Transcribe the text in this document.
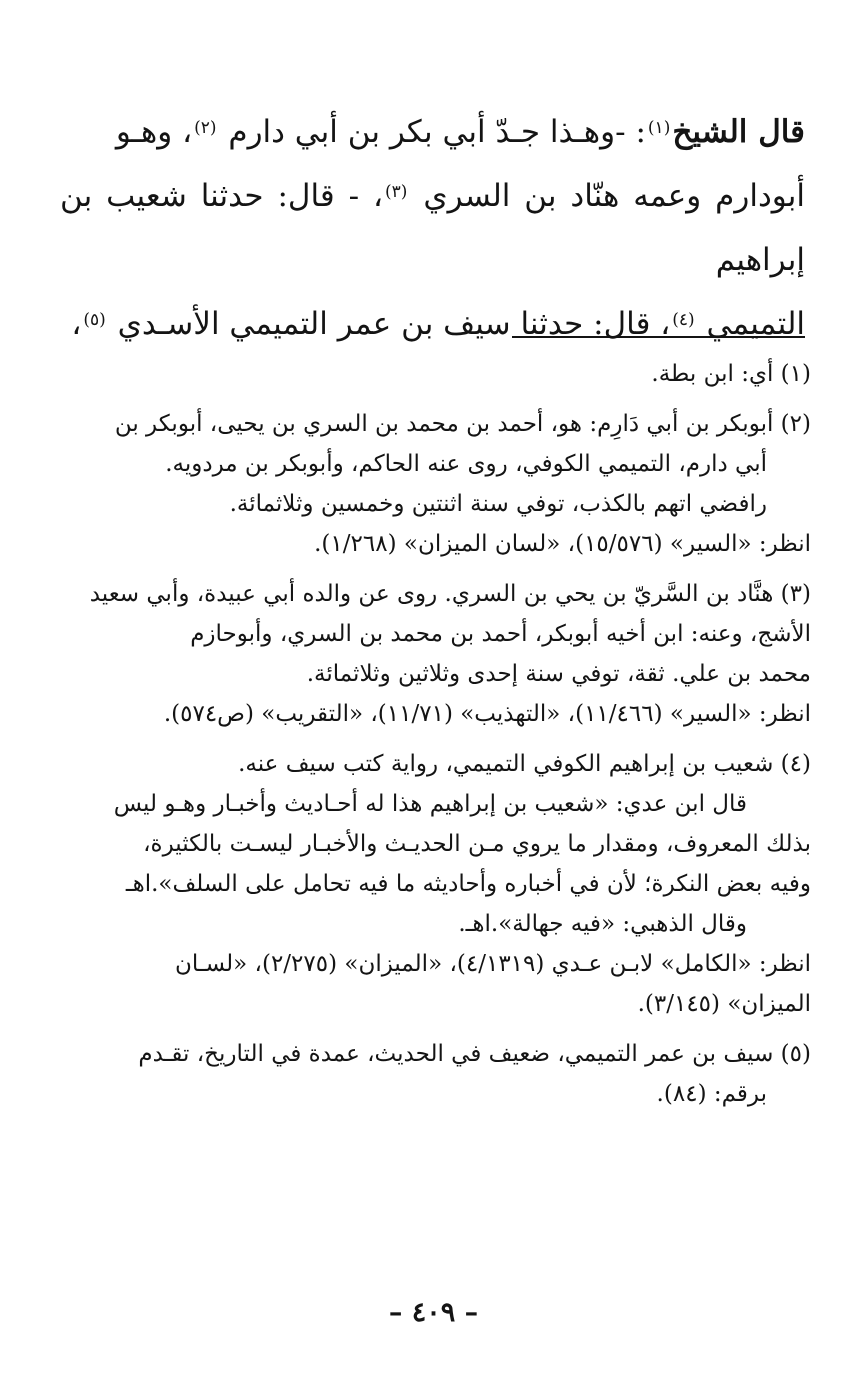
قال الشيخ$^{(١)}$: -وهـذا جـدّ أبي بكر بن أبي دارم $^{(٢)}$، وهـو

أبودارم وعمه هنّاد بن السري $^{(٣)}$، - قال: حدثنا شعيب بن إبراهيم

التميمي $^{(٤)}$، قال: حدثنا سيف بن عمر التميمي الأسـدي $^{(٥)}$،

(١) أي: ابن بطة.

(٢) أبوبكر بن أبي دَارِم: هو، أحمد بن محمد بن السري بن يحيى، أبوبكر بن

أبي دارم، التميمي الكوفي، روى عنه الحاكم، وأبوبكر بن مردويه.

رافضي اتهم بالكذب، توفي سنة اثنتين وخمسين وثلاثمائة.

انظر: «السير» (١٥/٥٧٦)، «لسان الميزان» (١/٢٦٨).

(٣) هنَّاد بن السَّريّ بن يحي بن السري. روى عن والده أبي عبيدة، وأبي سعيد

الأشج، وعنه: ابن أخيه أبوبكر، أحمد بن محمد بن السري، وأبوحازم

محمد بن علي. ثقة، توفي سنة إحدى وثلاثين وثلاثمائة.

انظر: «السير» (١١/٤٦٦)، «التهذيب» (١١/٧١)، «التقريب» (ص٥٧٤).

(٤) شعيب بن إبراهيم الكوفي التميمي، رواية كتب سيف عنه.

قال ابن عدي: «شعيب بن إبراهيم هذا له أحـاديث وأخبـار وهـو ليس

بذلك المعروف، ومقدار ما يروي مـن الحديـث والأخبـار ليسـت بالكثيرة،

وفيه بعض النكرة؛ لأن في أخباره وأحاديثه ما فيه تحامل على السلف».اهـ

وقال الذهبي: «فيه جهالة».اهـ.

انظر: «الكامل» لابـن عـدي (٤/١٣١٩)، «الميزان» (٢/٢٧٥)، «لسـان

الميزان» (٣/١٤٥).

(٥) سيف بن عمر التميمي، ضعيف في الحديث، عمدة في التاريخ، تقـدم

برقم: (٨٤).

– ٤٠٩ –
